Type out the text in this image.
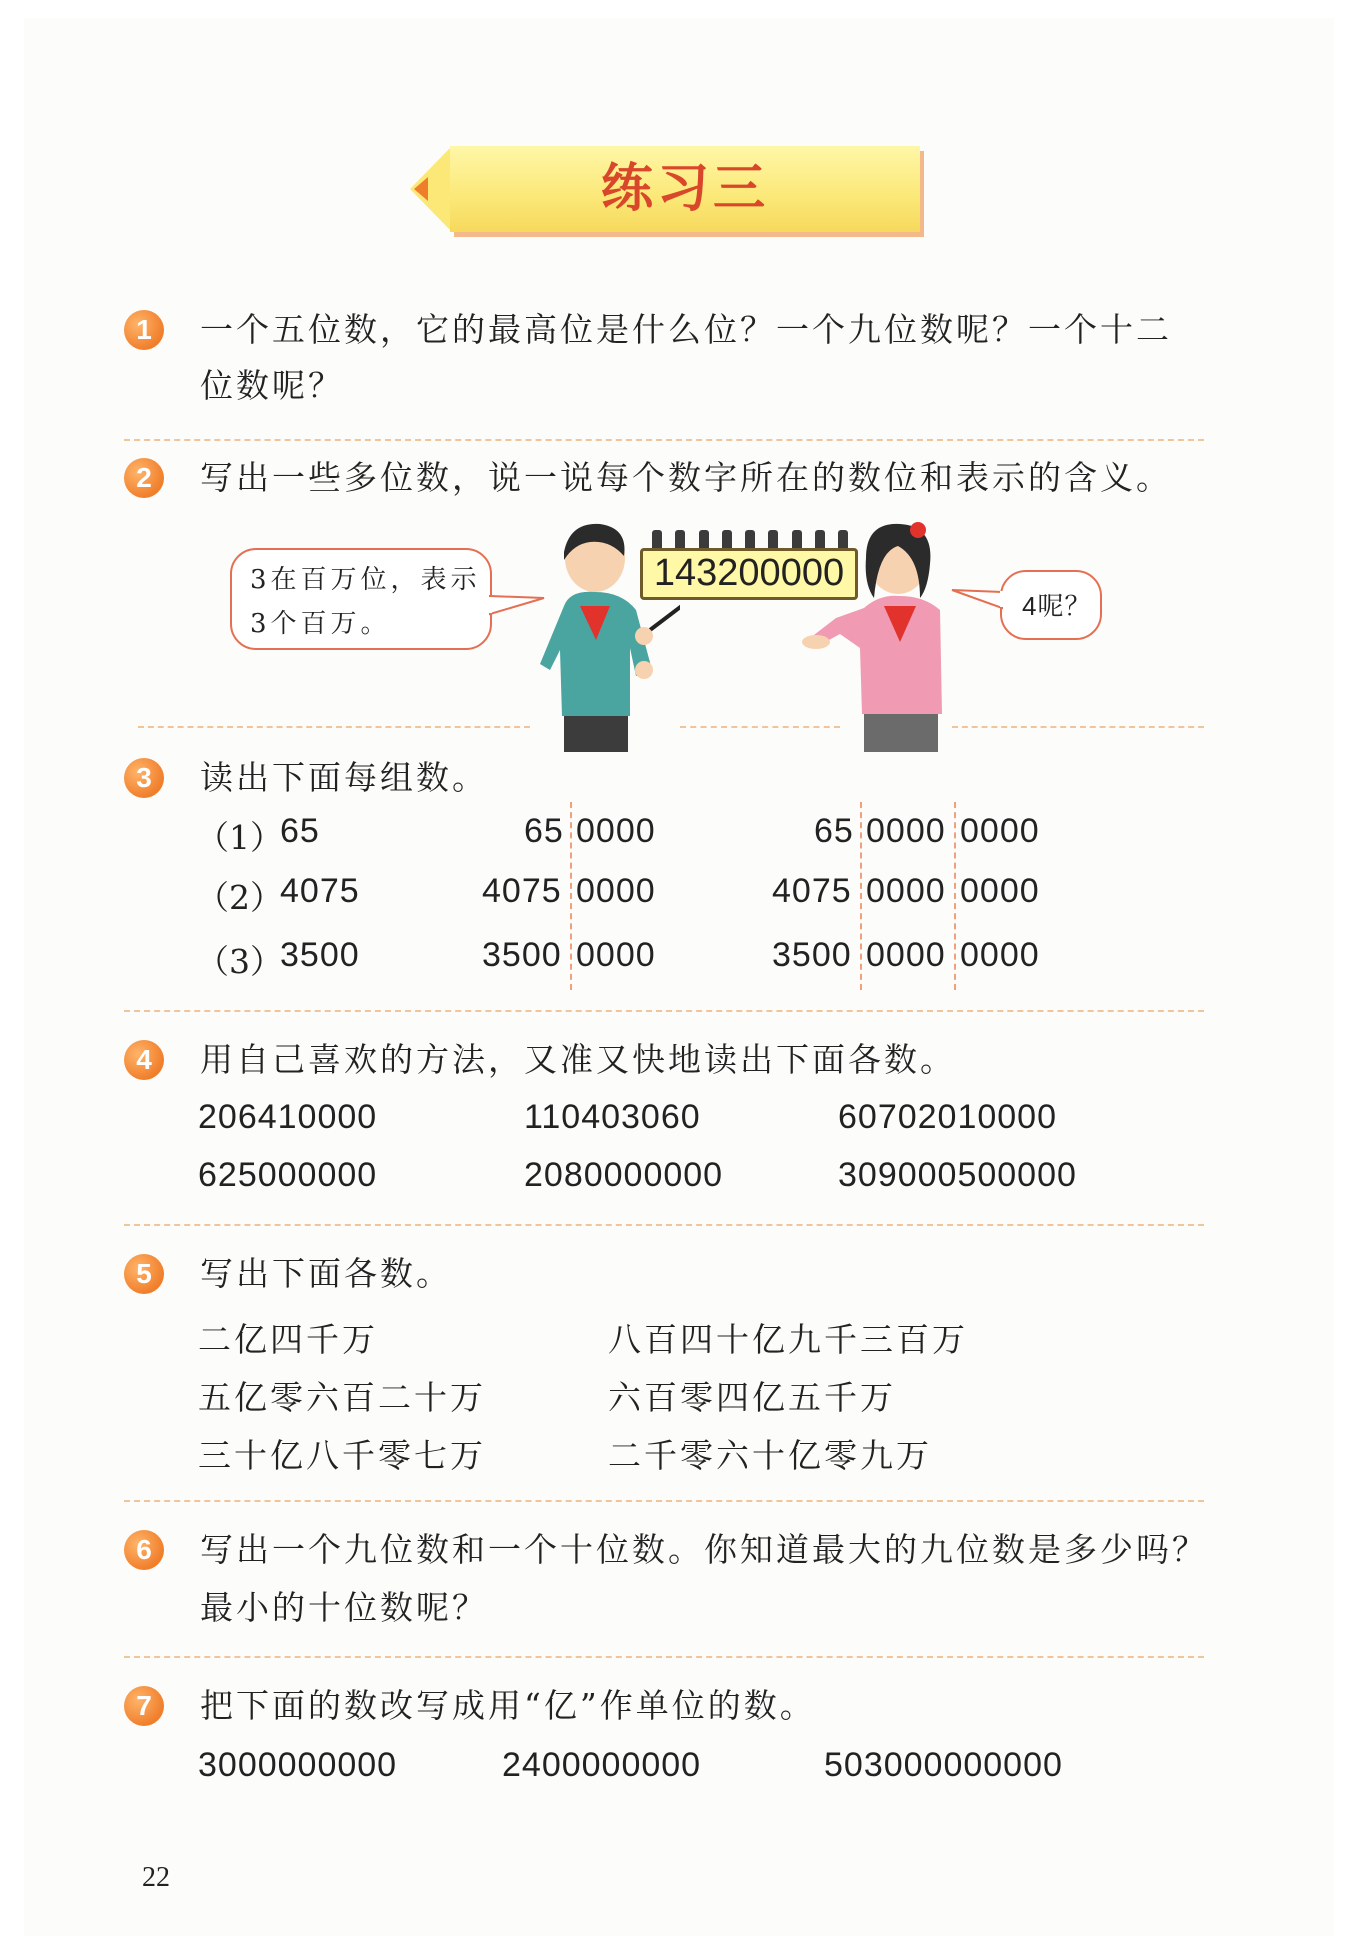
练习三
1	一个五位数，它的最高位是什么位？一个九位数呢？一个十二
位数呢？
2	写出一些多位数，说一说每个数字所在的数位和表示的含义。
3在百万位，表示
3个百万。
4呢？
143200000
3	读出下面每组数。
（1）
65	65 0000	65 0000 0000
（2）
4075	4075 0000	4075 0000 0000
（3）
3500	3500 0000	3500 0000 0000
4	用自己喜欢的方法，又准又快地读出下面各数。
206410000	110403060	60702010000
625000000	2080000000	309000500000
5	写出下面各数。
二亿四千万	八百四十亿九千三百万
五亿零六百二十万	六百零四亿五千万
三十亿八千零七万	二千零六十亿零九万
6	写出一个九位数和一个十位数。你知道最大的九位数是多少吗？
最小的十位数呢？
7	把下面的数改写成用“亿”作单位的数。
3000000000	2400000000	503000000000
22
